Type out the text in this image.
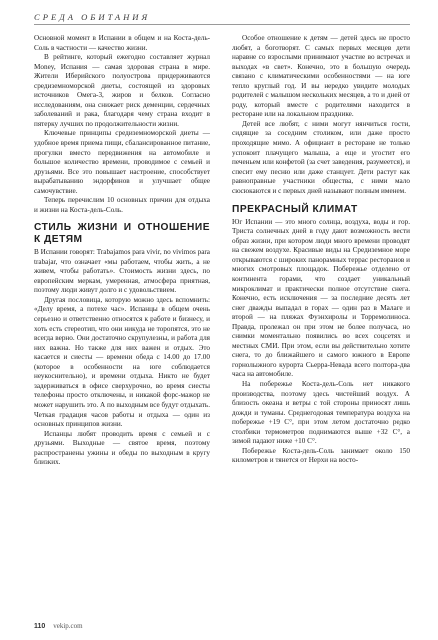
СРЕДА ОБИТАНИЯ

Основной момент в Испании в общем и на Коста-дель-Соль в частности — качество жизни.

В рейтинге, который ежегодно составляет журнал Money, Испания — самая здоровая страна в мире. Жители Иберийского полуострова придерживаются средиземноморской диеты, состоящей из здоровых источников Омега-3, жиров и белков. Согласно исследованиям, она снижает риск деменции, сердечных заболеваний и рака, благодаря чему страна входит в пятерку лучших по продолжительности жизни.

Ключевые принципы средиземноморской диеты — удобное время приема пищи, сбалансированное питание, прогулки вместо передвижения на автомобиле и большое количество времени, проводимое с семьей и друзьями. Все это повышает настроение, способствует вырабатыванию эндорфинов и улучшает общее самочувствие.

Теперь перечислим 10 основных причин для отдыха и жизни на Коста-дель-Соль.

СТИЛЬ ЖИЗНИ И ОТНОШЕНИЕ К ДЕТЯМ

В Испании говорят: Trabajamos para vivir, no vivimos para trabajar, что означает «мы работаем, чтобы жить, а не живем, чтобы работать». Стоимость жизни здесь, по европейским меркам, умеренная, атмосфера приятная, поэтому люди живут долго и с удовольствием.

Другая пословица, которую можно здесь вспомнить: «Делу время, а потехе час». Испанцы в общем очень серьезно и ответственно относятся к работе и бизнесу, и хоть есть стереотип, что они никуда не торопятся, это не всегда верно. Они достаточно скрупулезны, и работа для них важна. Но также для них важен и отдых. Это касается и сиесты — времени обеда с 14.00 до 17.00 (которое в особенности на юге соблюдается неукоснительно), и времени отдыха. Никто не будет задерживаться в офисе сверхурочно, во время сиесты телефоны просто отключены, и никакой форс-мажор не может нарушить это. А по выходным все будут отдыхать. Четкая градация часов работы и отдыха — один из основных принципов жизни.

Испанцы любят проводить время с семьей и с друзьями. Выходные — святое время, поэтому распространены ужины и обеды по выходным в кругу близких.

Особое отношение к детям — детей здесь не просто любят, а боготворят. С самых первых месяцев дети наравне со взрослыми принимают участие во встречах и выходах «в свет». Конечно, это в большую очередь связано с климатическими особенностями — на юге тепло круглый год. И вы нередко увидите молодых родителей с малышом нескольких месяцев, а то и дней от роду, который вместе с родителями находится в ресторане или на локальном празднике.

Детей все любят, с ними могут нянчиться гости, сидящие за соседним столиком, или даже просто проходящие мимо. А официант в ресторане не только успокоит плачущего малыша, а еще и угостит его печеньем или конфетой (за счет заведения, разумеется), и спесит ему песню или даже станцует. Дети растут как равноправные участники общества, с ними мало сюсюкаются и с первых дней называют полным именем.

ПРЕКРАСНЫЙ КЛИМАТ

Юг Испании — это много солнца, воздуха, воды и гор. Триста солнечных дней в году дают возможность вести образ жизни, при котором люди много времени проводят на свежем воздухе. Красивые виды на Средиземное море открываются с широких панорамных террас ресторанов и многих смотровых площадок. Побережье отделено от континента горами, что создает уникальный микроклимат и практически полное отсутствие снега. Конечно, есть исключения — за последние десять лет снег дважды выпадал в горах — один раз в Малаге и второй — на пляжах Фуэнхиролы и Торремолиноса. Правда, пролежал он при этом не более получаса, но снимки моментально появились во всех соцсетях и местных СМИ. При этом, если вы действительно хотите снега, то до ближайшего и самого южного в Европе горнолыжного курорта Сьерра-Невада всего полтора-два часа на автомобиле.

На побережье Коста-дель-Соль нет никакого производства, поэтому здесь чистейший воздух. А близость океана и ветры с той стороны приносят лишь дожди и туманы. Среднегодовая температура воздуха на побережье +19 С°, при этом летом достаточно редко столбики термометров поднимаются выше +32 С°, а зимой падают ниже +10 С°.

Побережье Коста-дель-Соль занимает около 150 километров и тянется от Нерхи на восто-

110 vekip.com
